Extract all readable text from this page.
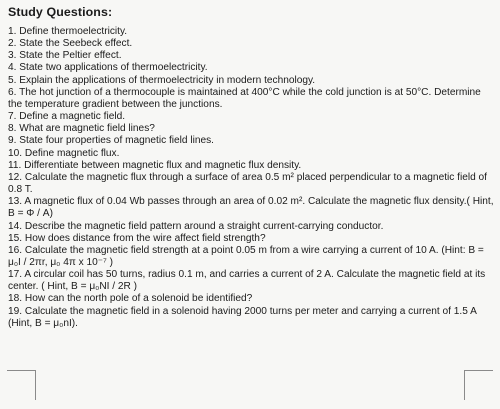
Study Questions:
1. Define thermoelectricity.
2. State the Seebeck effect.
3. State the Peltier effect.
4. State two applications of thermoelectricity.
5. Explain the applications of thermoelectricity in modern technology.
6. The hot junction of a thermocouple is maintained at 400°C while the cold junction is at 50°C. Determine the temperature gradient between the junctions.
7. Define a magnetic field.
8. What are magnetic field lines?
9. State four properties of magnetic field lines.
10. Define magnetic flux.
11. Differentiate between magnetic flux and magnetic flux density.
12. Calculate the magnetic flux through a surface of area 0.5 m² placed perpendicular to a magnetic field of 0.8 T.
13. A magnetic flux of 0.04 Wb passes through an area of 0.02 m². Calculate the magnetic flux density.( Hint, B = Φ / A)
14. Describe the magnetic field pattern around a straight current-carrying conductor.
15. How does distance from the wire affect field strength?
16. Calculate the magnetic field strength at a point 0.05 m from a wire carrying a current of 10 A. (Hint: B = μ₀I / 2πr, μ₀ 4π x 10⁻⁷ )
17. A circular coil has 50 turns, radius 0.1 m, and carries a current of 2 A. Calculate the magnetic field at its center. ( Hint, B = μ₀NI / 2R )
18. How can the north pole of a solenoid be identified?
19. Calculate the magnetic field in a solenoid having 2000 turns per meter and carrying a current of 1.5 A (Hint, B = μ₀nI).
